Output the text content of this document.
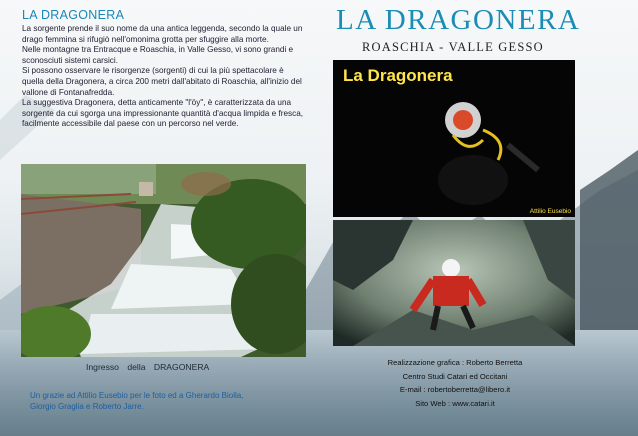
LA DRAGONERA

La sorgente prende il suo nome da una antica leggenda, secondo la quale un drago femmina si rifugiò nell'omonima grotta per sfuggire alla morte.

Nelle montagne tra Entracque e Roaschia, in Valle Gesso, vi sono grandi e sconosciuti sistemi carsici.

Si possono osservare le risorgenze (sorgenti) di cui la più spettacolare è quella della Dragonera, a circa 200 metri dall'abitato di Roaschia, all'inizio del vallone di Fontanafredda.

La suggestiva Dragonera, detta anticamente "l'öy", è caratterizzata da una sorgente da cui sgorga una impressionante quantità d'acqua limpida e fresca, facilmente accessibile dal paese con un percorso nel verde.

Ingresso della DRAGONERA
Un grazie ad Attilio Eusebio per le foto ed a Gherardo Biolla,
Giorgio Graglia e Roberto Jarre.
LA DRAGONERA
ROASCHIA - VALLE GESSO
La Dragonera
Attilio Eusebio
Realizzazione grafica : Roberto Berretta
Centro Studi Catari ed Occitani
E-mail : robertoberretta@libero.it
Sito Web : www.catari.it
